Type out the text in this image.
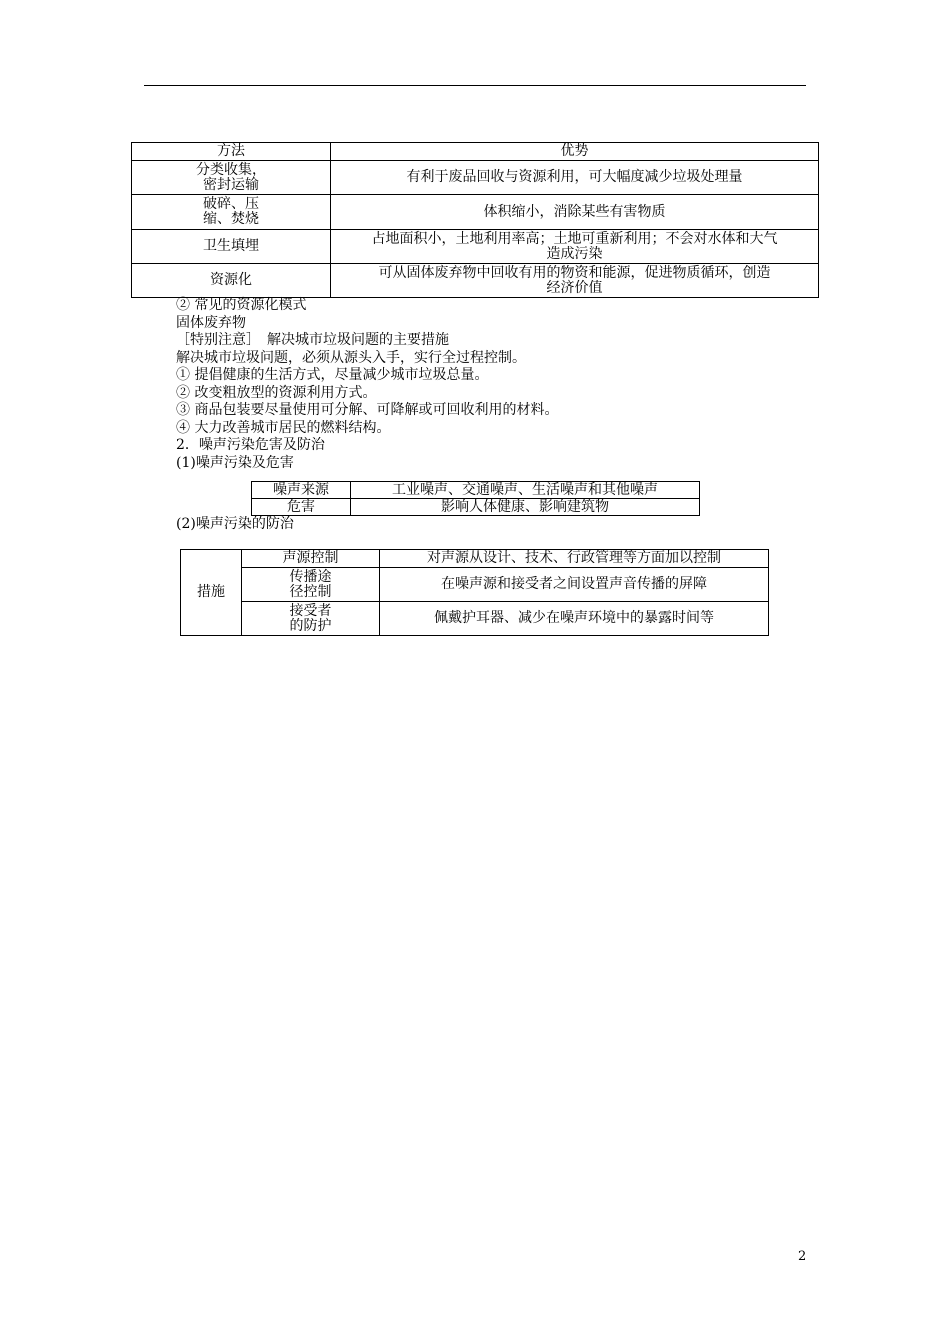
方法	优势
分类收集，
密封运输	有利于废品回收与资源利用，可大幅度减少垃圾处理量
破碎、压
缩、焚烧	体积缩小，消除某些有害物质
卫生填埋	占地面积小，土地利用率高；土地可重新利用；不会对水体和大气
造成污染
资源化	可从固体废弃物中回收有用的物资和能源，促进物质循环，创造
经济价值
② 常见的资源化模式
固体废弃物
［特别注意］　解决城市垃圾问题的主要措施
解决城市垃圾问题，必须从源头入手，实行全过程控制。
① 提倡健康的生活方式，尽量减少城市垃圾总量。
② 改变粗放型的资源利用方式。
③ 商品包装要尽量使用可分解、可降解或可回收利用的材料。
④ 大力改善城市居民的燃料结构。
2．噪声污染危害及防治
(1)噪声污染及危害
噪声来源	工业噪声、交通噪声、生活噪声和其他噪声
危害	影响人体健康、影响建筑物
(2)噪声污染的防治
措施	声源控制	对声源从设计、技术、行政管理等方面加以控制
	传播途
径控制	在噪声源和接受者之间设置声音传播的屏障
	接受者
的防护	佩戴护耳器、减少在噪声环境中的暴露时间等
2
